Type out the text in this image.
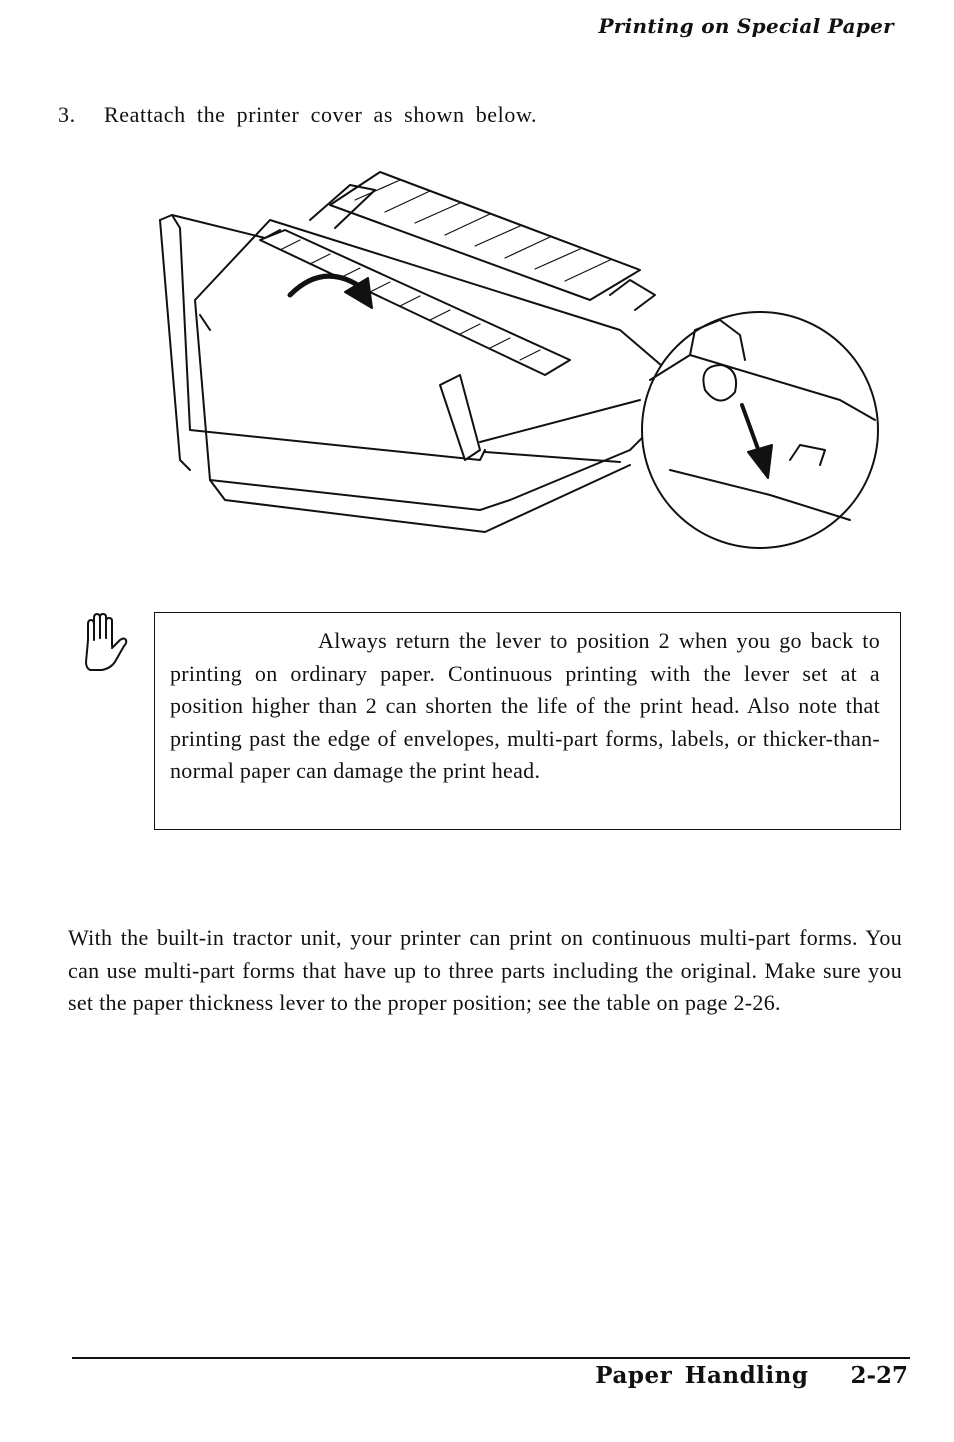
Printing on Special Paper
3. Reattach the printer cover as shown below.
Always return the lever to position 2 when you go back to printing on ordinary paper. Continuous printing with the lever set at a position higher than 2 can shorten the life of the print head. Also note that printing past the edge of envelopes, multi-part forms, labels, or thicker-than-normal paper can damage the print head.
With the built-in tractor unit, your printer can print on continuous multi-part forms. You can use multi-part forms that have up to three parts including the original. Make sure you set the paper thickness lever to the proper position; see the table on page 2-26.
Paper Handling 2-27
